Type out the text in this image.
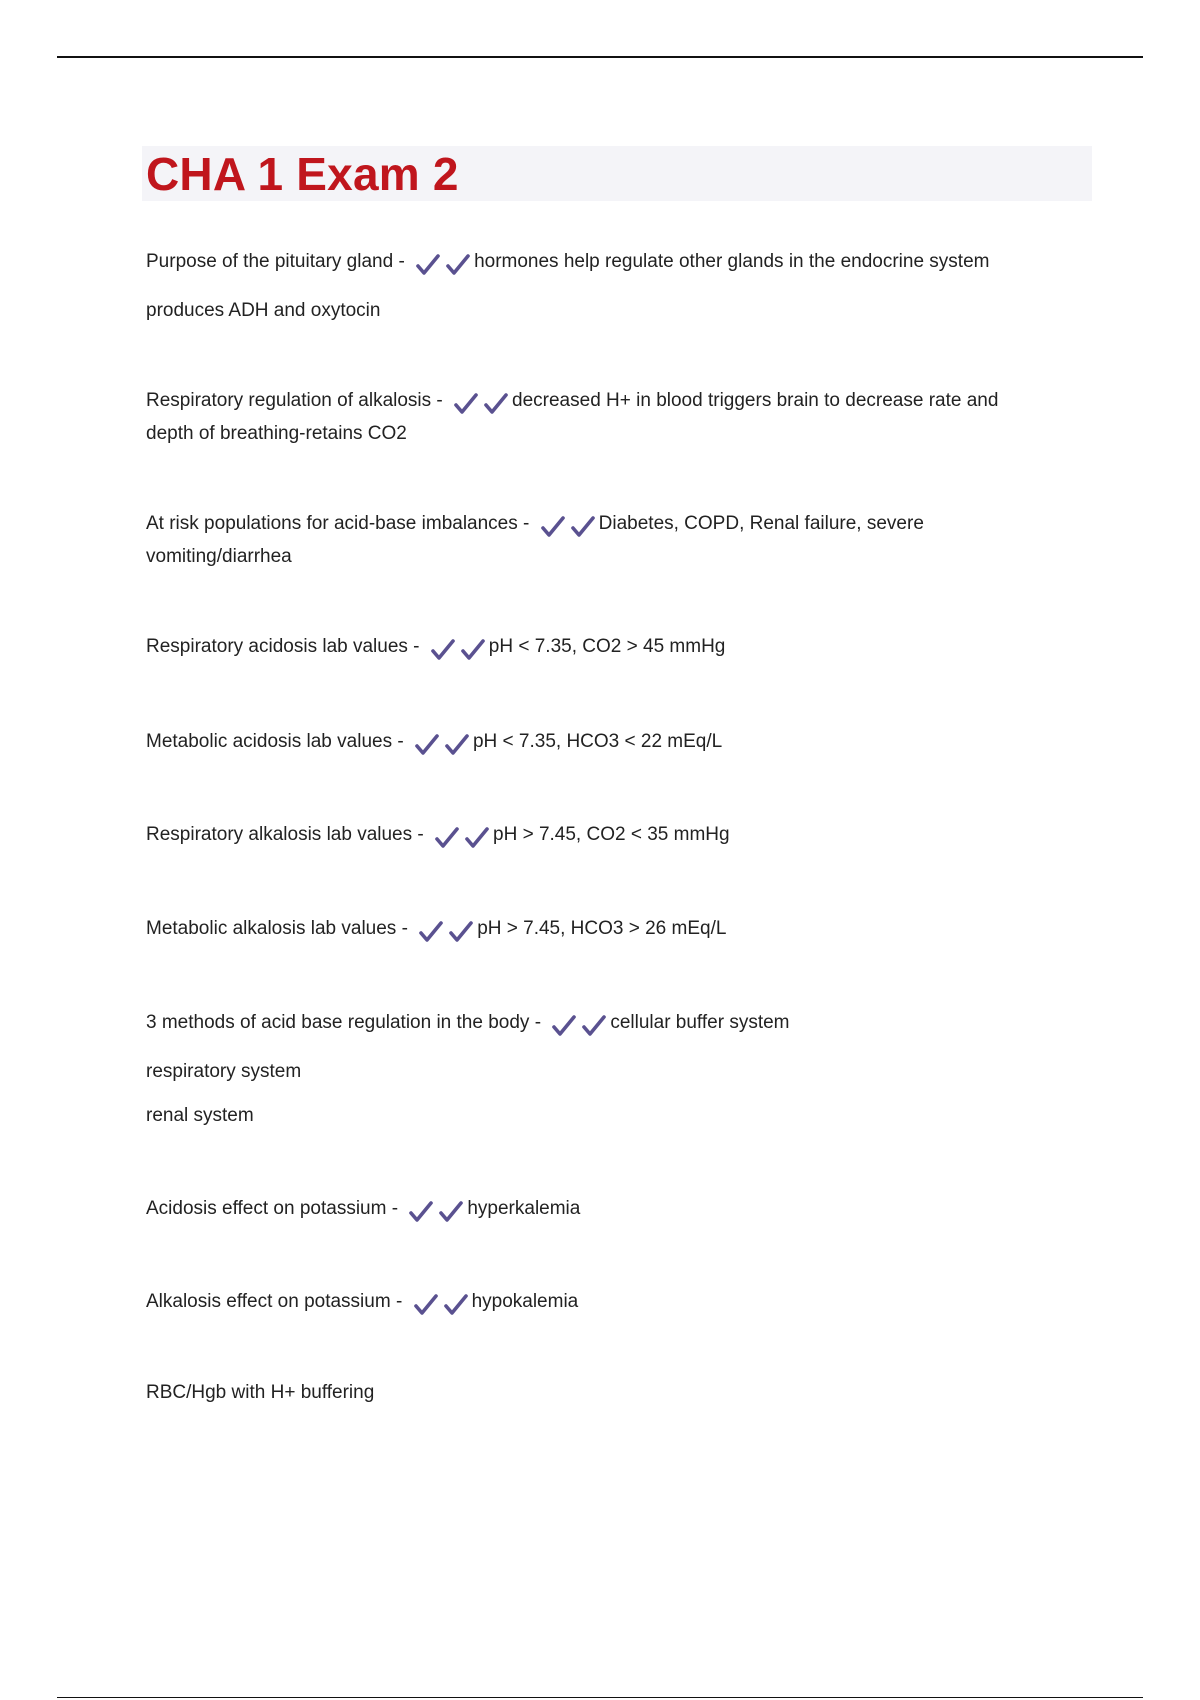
CHA 1 Exam 2
Purpose of the pituitary gland -	hormones help regulate other glands in the endocrine system
produces ADH and oxytocin
Respiratory regulation of alkalosis -	decreased H+ in blood triggers brain to decrease rate and
depth of breathing-retains CO2
At risk populations for acid-base imbalances -	Diabetes, COPD, Renal failure, severe
vomiting/diarrhea
Respiratory acidosis lab values -	pH < 7.35, CO2 > 45 mmHg
Metabolic acidosis lab values -	pH < 7.35, HCO3 < 22 mEq/L
Respiratory alkalosis lab values -	pH > 7.45, CO2 < 35 mmHg
Metabolic alkalosis lab values -	pH > 7.45, HCO3 > 26 mEq/L
3 methods of acid base regulation in the body -	cellular buffer system
respiratory system
renal system
Acidosis effect on potassium -	hyperkalemia
Alkalosis effect on potassium -	hypokalemia
RBC/Hgb with H+ buffering
